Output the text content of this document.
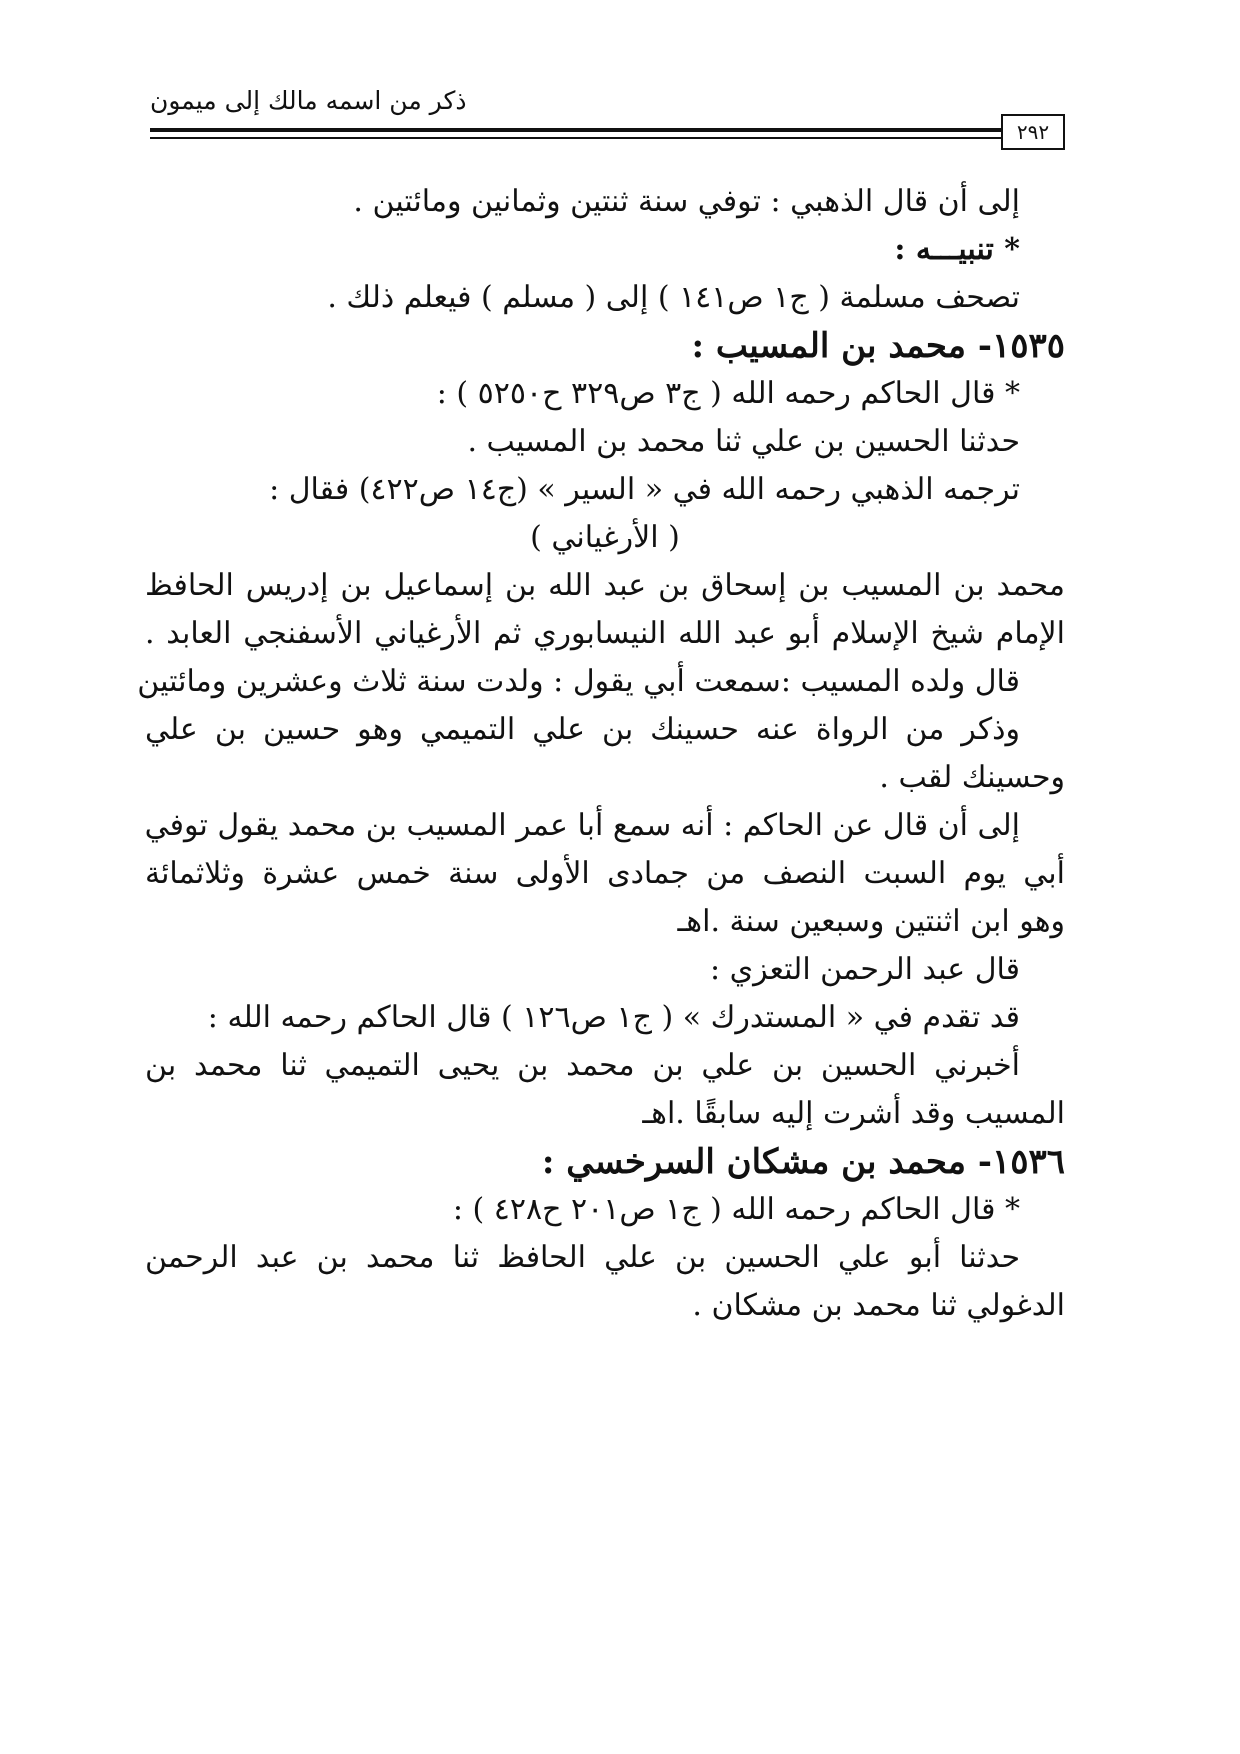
ذكر من اسمه مالك إلى ميمون
٢٩٢
إلى أن قال الذهبي : توفي سنة ثنتين وثمانين ومائتين .
* تنبيـــه :
تصحف مسلمة ( ج١ ص١٤١ ) إلى ( مسلم ) فيعلم ذلك .
١٥٣٥- محمد بن المسيب :
* قال الحاكم رحمه الله ( ج٣ ص٣٢٩ ح٥٢٥٠ ) :
حدثنا الحسين بن علي ثنا محمد بن المسيب .
ترجمه الذهبي رحمه الله في « السير » (ج١٤ ص٤٢٢) فقال :
( الأرغياني )
محمد بن المسيب بن إسحاق بن عبد الله بن إسماعيل بن إدريس الحافظ
الإمام شيخ الإسلام أبو عبد الله النيسابوري ثم الأرغياني الأسفنجي العابد .
قال ولده المسيب :سمعت أبي يقول : ولدت سنة ثلاث وعشرين ومائتين
وذكر من الرواة عنه حسينك بن علي التميمي وهو حسين بن علي
وحسينك لقب .
إلى أن قال عن الحاكم : أنه سمع أبا عمر المسيب بن محمد يقول توفي
أبي يوم السبت النصف من جمادى الأولى سنة خمس عشرة وثلاثمائة
وهو ابن اثنتين وسبعين سنة .اهـ
قال عبد الرحمن التعزي :
قد تقدم في « المستدرك » ( ج١ ص١٢٦ ) قال الحاكم رحمه الله :
أخبرني الحسين بن علي بن محمد بن يحيى التميمي ثنا محمد بن
المسيب وقد أشرت إليه سابقًا .اهـ
١٥٣٦- محمد بن مشكان السرخسي :
* قال الحاكم رحمه الله ( ج١ ص٢٠١ ح٤٢٨ ) :
حدثنا أبو علي الحسين بن علي الحافظ ثنا محمد بن عبد الرحمن
الدغولي ثنا محمد بن مشكان .
